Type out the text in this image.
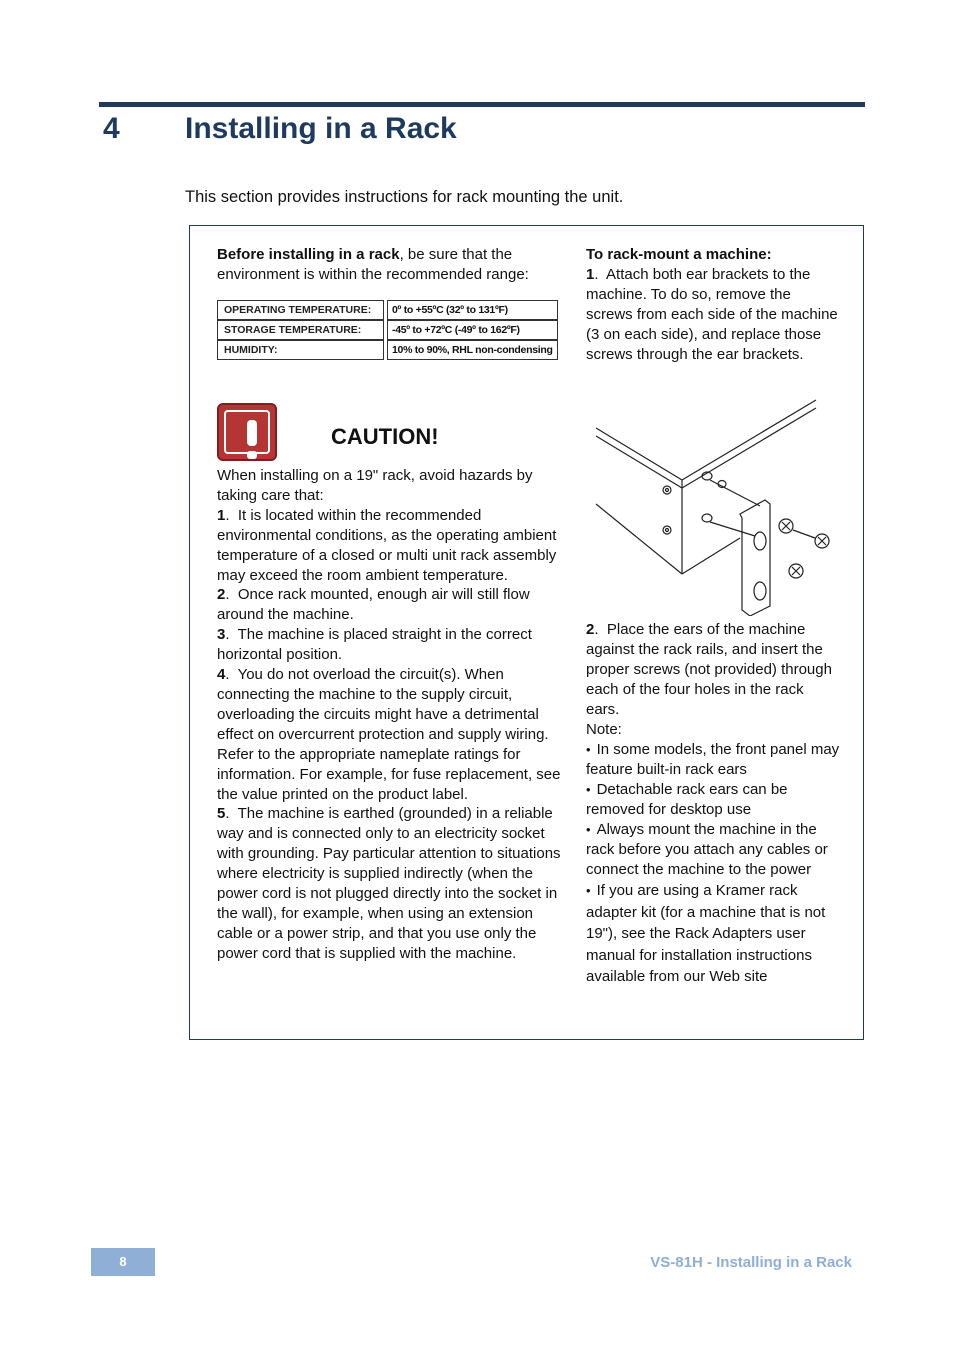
4 Installing in a Rack
This section provides instructions for rack mounting the unit.
Before installing in a rack, be sure that the environment is within the recommended range:
OPERATING TEMPERATURE:	0º to +55ºC (32º to 131ºF)
STORAGE TEMPERATURE:	-45º to +72ºC (-49º to 162ºF)
HUMIDITY:	10% to 90%, RHL non-condensing
CAUTION!

When installing on a 19" rack, avoid hazards by taking care that:

1.  It is located within the recommended environmental conditions, as the operating ambient temperature of a closed or multi unit rack assembly may exceed the room ambient temperature.

2.  Once rack mounted, enough air will still flow around the machine.

3.  The machine is placed straight in the correct horizontal position.

4.  You do not overload the circuit(s). When connecting the machine to the supply circuit, overloading the circuits might have a detrimental effect on overcurrent protection and supply wiring. Refer to the appropriate nameplate ratings for information. For example, for fuse replacement, see the value printed on the product label.

5.  The machine is earthed (grounded) in a reliable way and is connected only to an electricity socket with grounding. Pay particular attention to situations where electricity is supplied indirectly (when the power cord is not plugged directly into the socket in the wall), for example, when using an extension cable or a power strip, and that you use only the power cord that is supplied with the machine.

To rack-mount a machine:

1.  Attach both ear brackets to the machine. To do so, remove the screws from each side of the machine (3 on each side), and replace those screws through the ear brackets.

2.  Place the ears of the machine against the rack rails, and insert the proper screws (not provided) through each of the four holes in the rack ears.

Note:

• In some models, the front panel may feature built-in rack ears

• Detachable rack ears can be removed for desktop use

• Always mount the machine in the rack before you attach any cables or connect the machine to the power

• If you are using a Kramer rack adapter kit (for a machine that is not 19"), see the Rack Adapters user manual for installation instructions available from our Web site

8	VS-81H - Installing in a Rack
